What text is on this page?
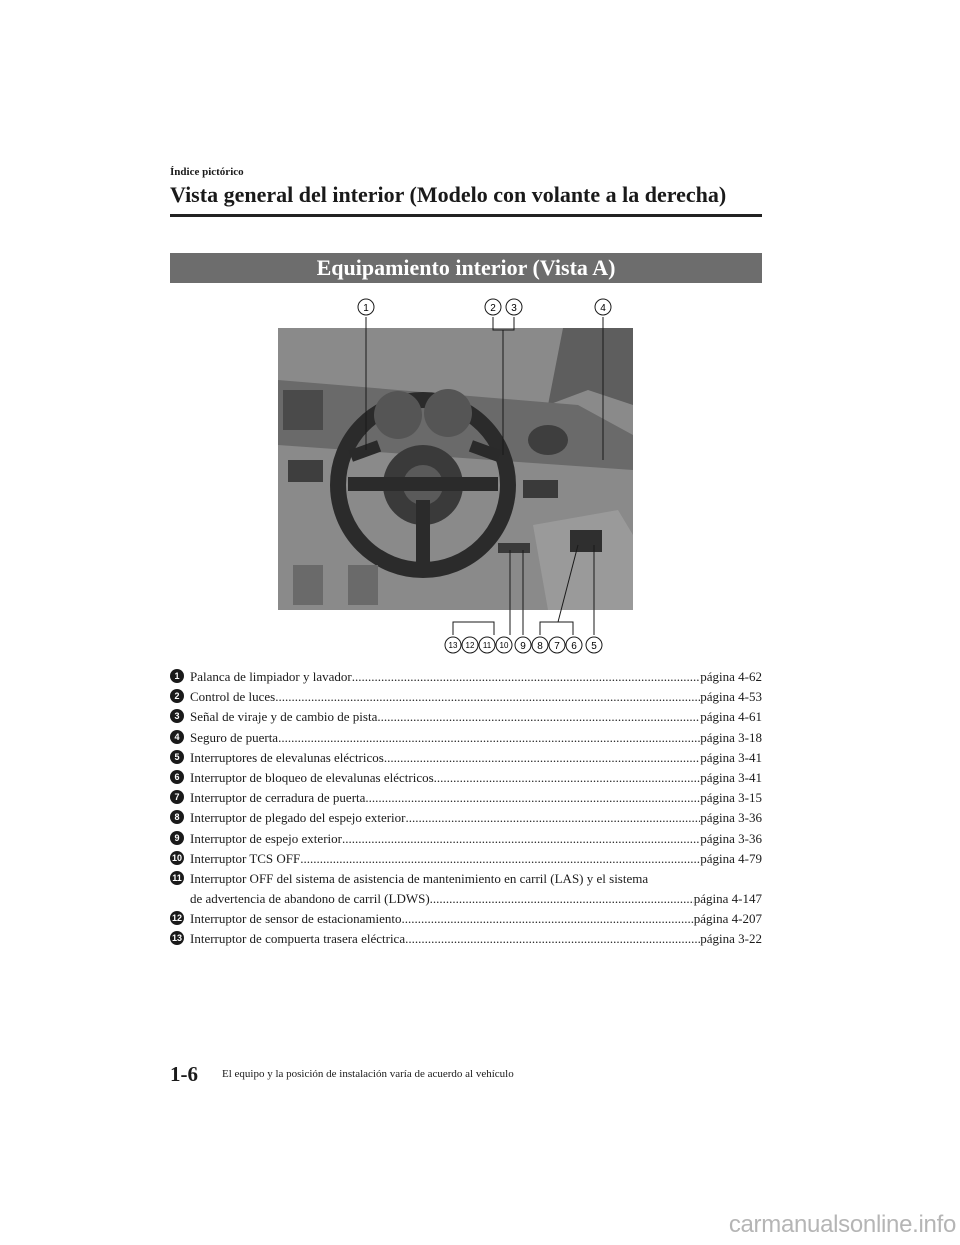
Índice pictórico
Vista general del interior (Modelo con volante a la derecha)
Equipamiento interior (Vista A)
1	2 3	4
13 12 11 10 9 8 7 6 5
1 Palanca de limpiador y lavador .....	página 4-62
2 Control de luces .....	página 4-53
3 Señal de viraje y de cambio de pista .....	página 4-61
4 Seguro de puerta .....	página 3-18
5 Interruptores de elevalunas eléctricos .....	página 3-41
6 Interruptor de bloqueo de elevalunas eléctricos .....	página 3-41
7 Interruptor de cerradura de puerta .....	página 3-15
8 Interruptor de plegado del espejo exterior .....	página 3-36
9 Interruptor de espejo exterior .....	página 3-36
10 Interruptor TCS OFF .....	página 4-79
11 Interruptor OFF del sistema de asistencia de mantenimiento en carril (LAS) y el sistema
de advertencia de abandono de carril (LDWS) .....	página 4-147
12 Interruptor de sensor de estacionamiento .....	página 4-207
13 Interruptor de compuerta trasera eléctrica .....	página 3-22
1-6 El equipo y la posición de instalación varía de acuerdo al vehículo
carmanualsonline.info
